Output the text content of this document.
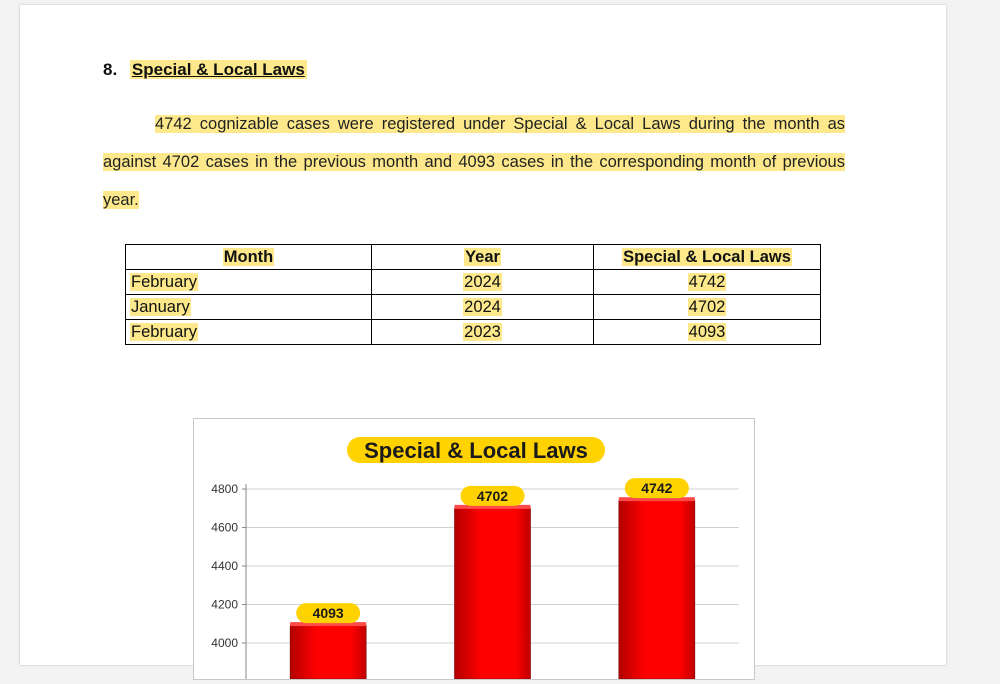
8. Special & Local Laws
4742 cognizable cases were registered under Special & Local Laws during the month as against 4702 cases in the previous month and 4093 cases in the corresponding month of previous year.
Month	Year	Special & Local Laws
February	2024	4742
January	2024	4702
February	2023	4093
Special & Local Laws
4800
4600
4400
4200
4000
4093
4702	4742
